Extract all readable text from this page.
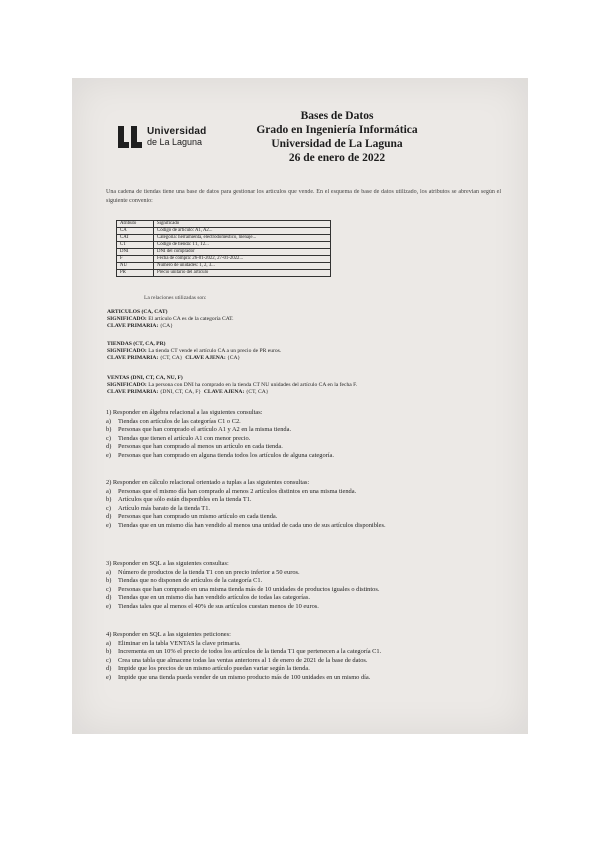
Universidad
de La Laguna
Bases de Datos
Grado en Ingeniería Informática
Universidad de La Laguna
26 de enero de 2022
Una cadena de tiendas tiene una base de datos para gestionar los artículos que vende. En el esquema de base de datos utilizado, los atributos se abrevian según el siguiente convenio:
Atributo	Significado
CA	Código de artículo: A1, A2...
CAT	Categoría: herramienta, electrodoméstico, menaje...
CT	Código de tienda: T1, T2...
DNI	DNI del comprador
F	Fecha de compra: 26-01-2022, 27-01-2022...
NU	Número de unidades: 1, 2, 3...
PR	Precio unitario del artículo
La relaciones utilizadas son:
ARTICULOS (CA, CAT)
SIGNIFICADO: El artículo CA es de la categoría CAT.
CLAVE PRIMARIA: {CA}
TIENDAS (CT, CA, PR)
SIGNIFICADO: La tienda CT vende el artículo CA a un precio de PR euros.
CLAVE PRIMARIA: {CT, CA} CLAVE AJENA: {CA}
VENTAS (DNI, CT, CA, NU, F)
SIGNIFICADO: La persona con DNI ha comprado en la tienda CT NU unidades del artículo CA en la fecha F.
CLAVE PRIMARIA: {DNI, CT, CA, F} CLAVE AJENA: {CT, CA}
1) Responder en álgebra relacional a las siguientes consultas:
a)	Tiendas con artículos de las categorías C1 o C2.
b)	Personas que han comprado el artículo A1 y A2 en la misma tienda.
c)	Tiendas que tienen el artículo A1 con menor precio.
d)	Personas que han comprado al menos un artículo en cada tienda.
e)	Personas que han comprado en alguna tienda todos los artículos de alguna categoría.
2) Responder en cálculo relacional orientado a tuplas a las siguientes consultas:
a)	Personas que el mismo día han comprado al menos 2 artículos distintos en una misma tienda.
b)	Artículos que sólo están disponibles en la tienda T1.
c)	Artículo más barato de la tienda T1.
d)	Personas que han comprado un mismo artículo en cada tienda.
e)	Tiendas que en un mismo día han vendido al menos una unidad de cada uno de sus artículos disponibles.
3) Responder en SQL a las siguientes consultas:
a)	Número de productos de la tienda T1 con un precio inferior a 50 euros.
b)	Tiendas que no disponen de artículos de la categoría C1.
c)	Personas que han comprado en una misma tienda más de 10 unidades de productos iguales o distintos.
d)	Tiendas que en un mismo día han vendido artículos de todas las categorías.
e)	Tiendas tales que al menos el 40% de sus artículos cuestan menos de 10 euros.
4) Responder en SQL a las siguientes peticiones:
a)	Eliminar en la tabla VENTAS la clave primaria.
b)	Incrementa en un 10% el precio de todos los artículos de la tienda T1 que pertenecen a la categoría C1.
c)	Crea una tabla que almacene todas las ventas anteriores al 1 de enero de 2021 de la base de datos.
d)	Impide que los precios de un mismo artículo puedan variar según la tienda.
e)	Impide que una tienda pueda vender de un mismo producto más de 100 unidades en un mismo día.
